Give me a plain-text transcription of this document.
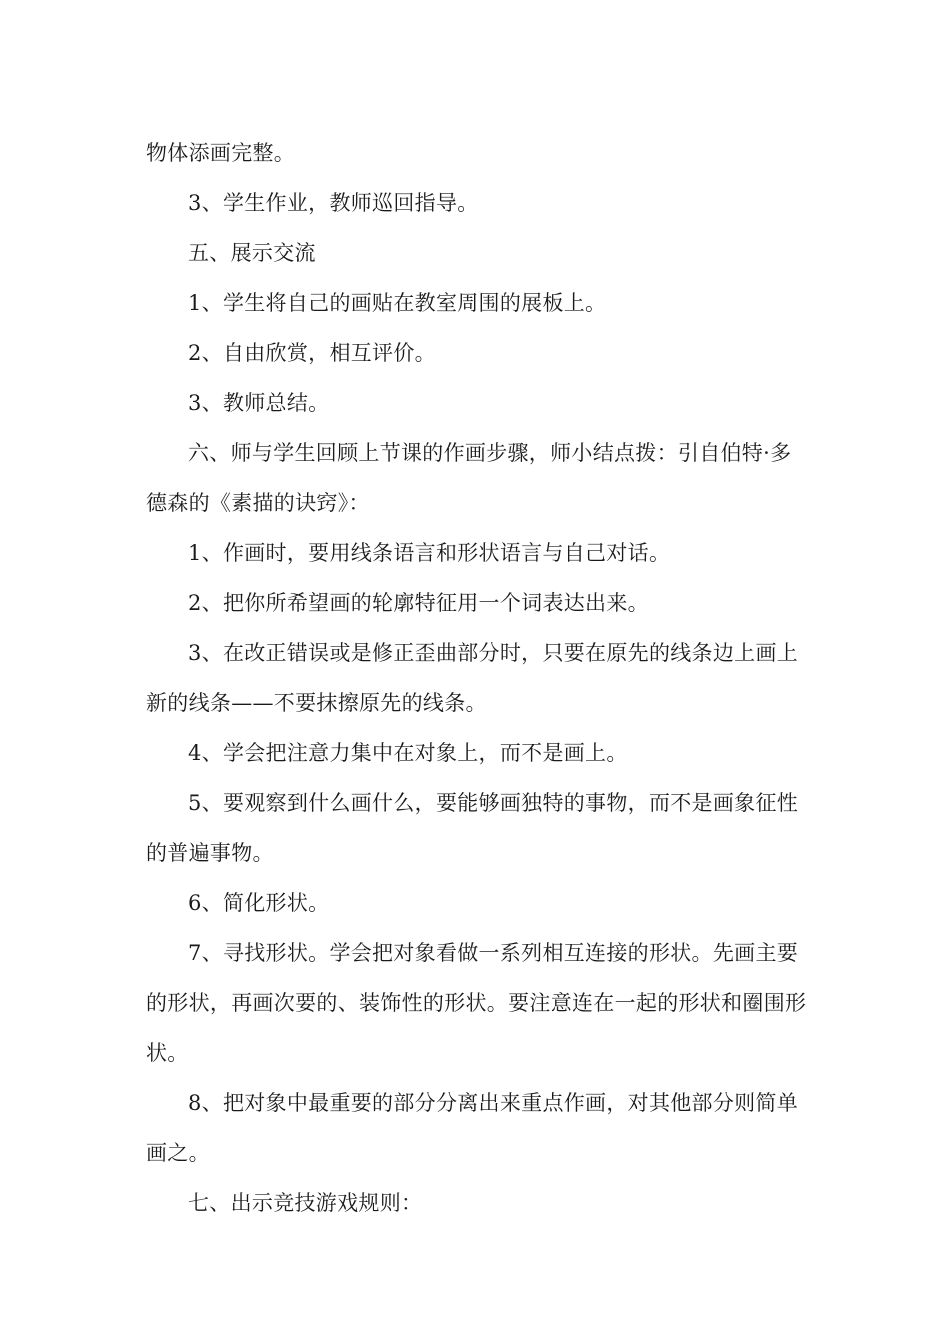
物体添画完整。

3、学生作业，教师巡回指导。

五、展示交流

1、学生将自己的画贴在教室周围的展板上。

2、自由欣赏，相互评价。

3、教师总结。

六、师与学生回顾上节课的作画步骤，师小结点拨：引自伯特·多德森的《素描的诀窍》：

1、作画时，要用线条语言和形状语言与自己对话。

2、把你所希望画的轮廓特征用一个词表达出来。

3、在改正错误或是修正歪曲部分时，只要在原先的线条边上画上新的线条——不要抹擦原先的线条。

4、学会把注意力集中在对象上，而不是画上。

5、要观察到什么画什么，要能够画独特的事物，而不是画象征性的普遍事物。

6、简化形状。

7、寻找形状。学会把对象看做一系列相互连接的形状。先画主要的形状，再画次要的、装饰性的形状。要注意连在一起的形状和圈围形状。

8、把对象中最重要的部分分离出来重点作画，对其他部分则简单画之。

七、出示竞技游戏规则：
